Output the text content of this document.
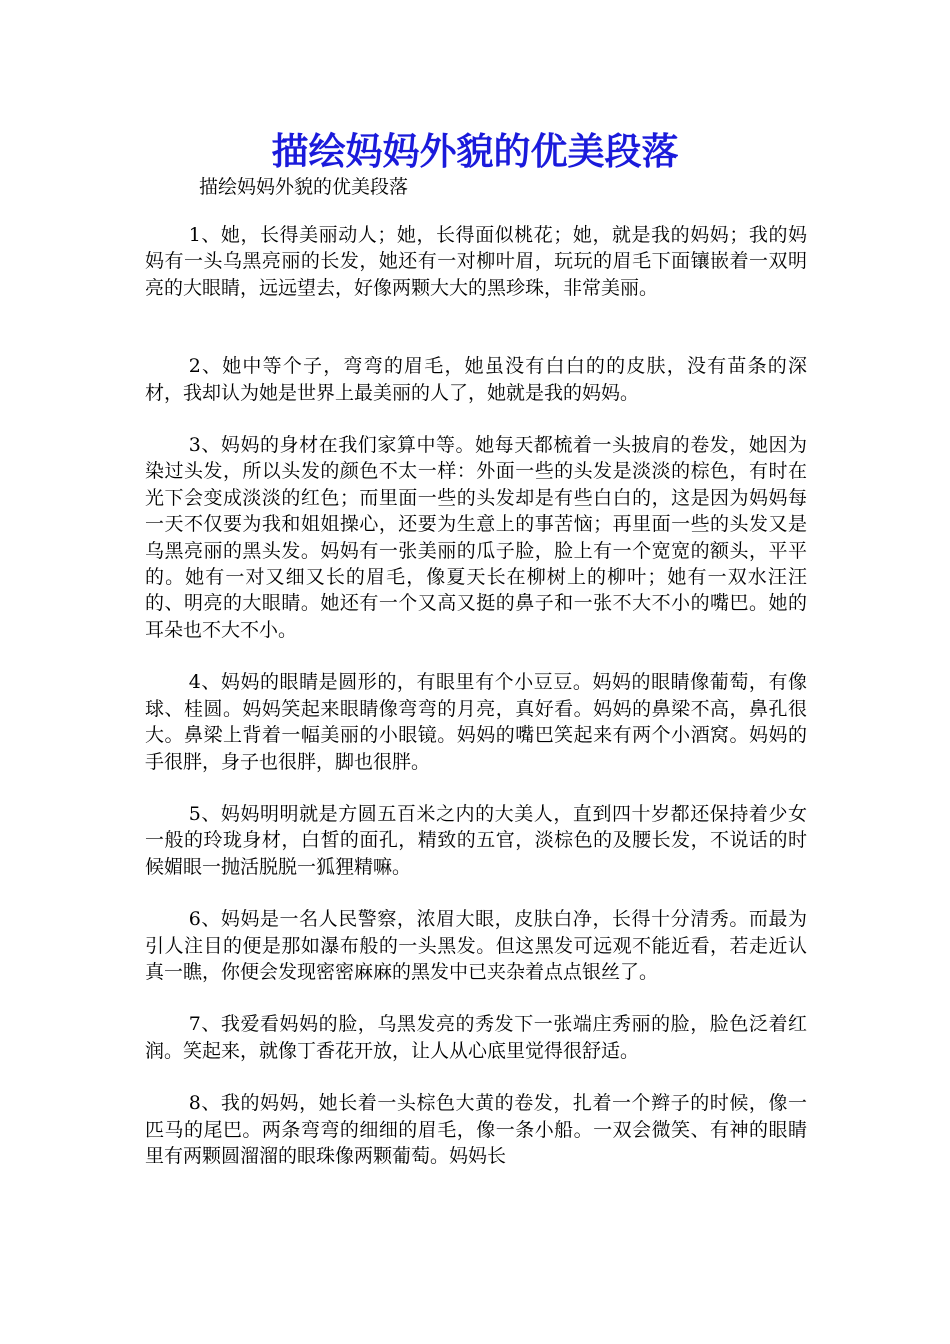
描绘妈妈外貌的优美段落

描绘妈妈外貌的优美段落

1、她，长得美丽动人；她，长得面似桃花；她，就是我的妈妈；我的妈妈有一头乌黑亮丽的长发，她还有一对柳叶眉，玩玩的眉毛下面镶嵌着一双明亮的大眼睛，远远望去，好像两颗大大的黑珍珠，非常美丽。

2、她中等个子，弯弯的眉毛，她虽没有白白的的皮肤，没有苗条的深材，我却认为她是世界上最美丽的人了，她就是我的妈妈。

3、妈妈的身材在我们家算中等。她每天都梳着一头披肩的卷发，她因为染过头发，所以头发的颜色不太一样：外面一些的头发是淡淡的棕色，有时在光下会变成淡淡的红色；而里面一些的头发却是有些白白的，这是因为妈妈每一天不仅要为我和姐姐操心，还要为生意上的事苦恼；再里面一些的头发又是乌黑亮丽的黑头发。妈妈有一张美丽的瓜子脸，脸上有一个宽宽的额头，平平的。她有一对又细又长的眉毛，像夏天长在柳树上的柳叶；她有一双水汪汪的、明亮的大眼睛。她还有一个又高又挺的鼻子和一张不大不小的嘴巴。她的耳朵也不大不小。

4、妈妈的眼睛是圆形的，有眼里有个小豆豆。妈妈的眼睛像葡萄，有像球、桂圆。妈妈笑起来眼睛像弯弯的月亮，真好看。妈妈的鼻梁不高，鼻孔很大。鼻梁上背着一幅美丽的小眼镜。妈妈的嘴巴笑起来有两个小酒窝。妈妈的手很胖，身子也很胖，脚也很胖。

5、妈妈明明就是方圆五百米之内的大美人，直到四十岁都还保持着少女一般的玲珑身材，白皙的面孔，精致的五官，淡棕色的及腰长发，不说话的时候媚眼一抛活脱脱一狐狸精嘛。

6、妈妈是一名人民警察，浓眉大眼，皮肤白净，长得十分清秀。而最为引人注目的便是那如瀑布般的一头黑发。但这黑发可远观不能近看，若走近认真一瞧，你便会发现密密麻麻的黑发中已夹杂着点点银丝了。

7、我爱看妈妈的脸，乌黑发亮的秀发下一张端庄秀丽的脸，脸色泛着红润。笑起来，就像丁香花开放，让人从心底里觉得很舒适。

8、我的妈妈，她长着一头棕色大黄的卷发，扎着一个辫子的时候，像一匹马的尾巴。两条弯弯的细细的眉毛，像一条小船。一双会微笑、有神的眼睛里有两颗圆溜溜的眼珠像两颗葡萄。妈妈长
